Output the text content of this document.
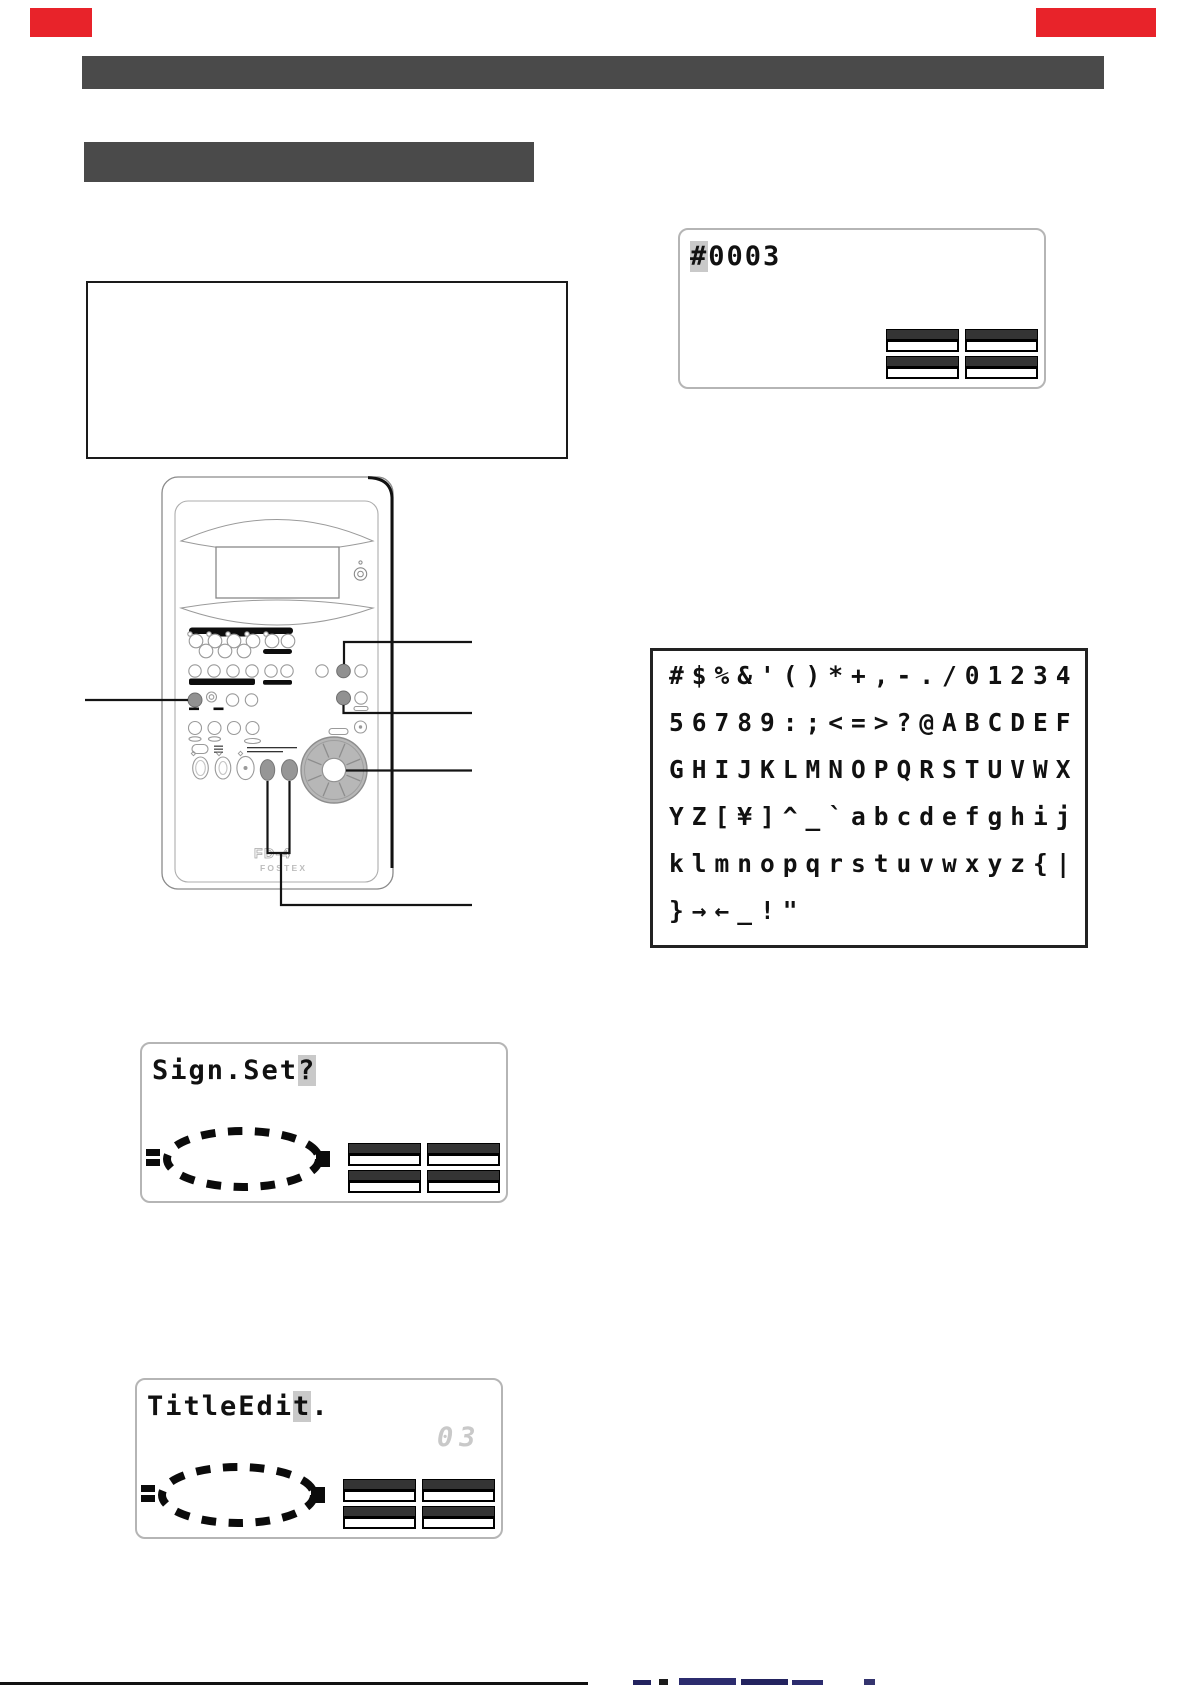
#0003
#$%&'()*+,-./01234
56789:;<=>?@ABCDEF
GHIJKLMNOPQRSTUVWX
YZ[¥]^_`abcdefghij
klmnopqrstuvwxyz{|
}→←_!"
Sign.Set?
TitleEdit.
03
FD-4
FOSTEX
